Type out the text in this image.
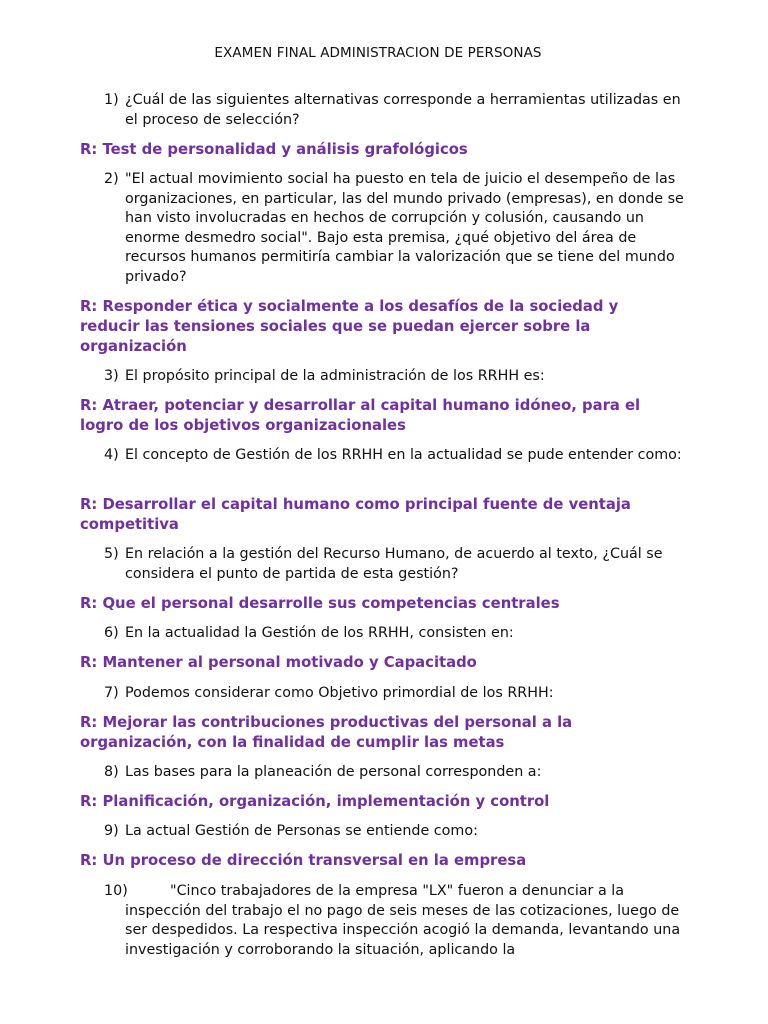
EXAMEN FINAL ADMINISTRACION DE PERSONAS
1) ¿Cuál de las siguientes alternativas corresponde a herramientas utilizadas en el proceso de selección?
R: Test de personalidad y análisis grafológicos
2) "El actual movimiento social ha puesto en tela de juicio el desempeño de las organizaciones, en particular, las del mundo privado (empresas), en donde se han visto involucradas en hechos de corrupción y colusión, causando un enorme desmedro social". Bajo esta premisa, ¿qué objetivo del área de recursos humanos permitiría cambiar la valorización que se tiene del mundo privado?
R: Responder ética y socialmente a los desafíos de la sociedad y reducir las tensiones sociales que se puedan ejercer sobre la organización
3) El propósito principal de la administración de los RRHH es:
R: Atraer, potenciar y desarrollar al capital humano idóneo, para el logro de los objetivos organizacionales
4) El concepto de Gestión de los RRHH en la actualidad se pude entender como:
R: Desarrollar el capital humano como principal fuente de ventaja competitiva
5) En relación a la gestión del Recurso Humano, de acuerdo al texto, ¿Cuál se considera el punto de partida de esta gestión?
R: Que el personal desarrolle sus competencias centrales
6) En la actualidad la Gestión de los RRHH, consisten en:
R: Mantener al personal motivado y Capacitado
7) Podemos considerar como Objetivo primordial de los RRHH:
R: Mejorar las contribuciones productivas del personal a la organización, con la finalidad de cumplir las metas
8) Las bases para la planeación de personal corresponden a:
R: Planificación, organización, implementación y control
9) La actual Gestión de Personas se entiende como:
R: Un proceso de dirección transversal en la empresa
10)	"Cinco trabajadores de la empresa "LX" fueron a denunciar a la inspección del trabajo el no pago de seis meses de las cotizaciones, luego de ser despedidos. La respectiva inspección acogió la demanda, levantando una investigación y corroborando la situación, aplicando la
